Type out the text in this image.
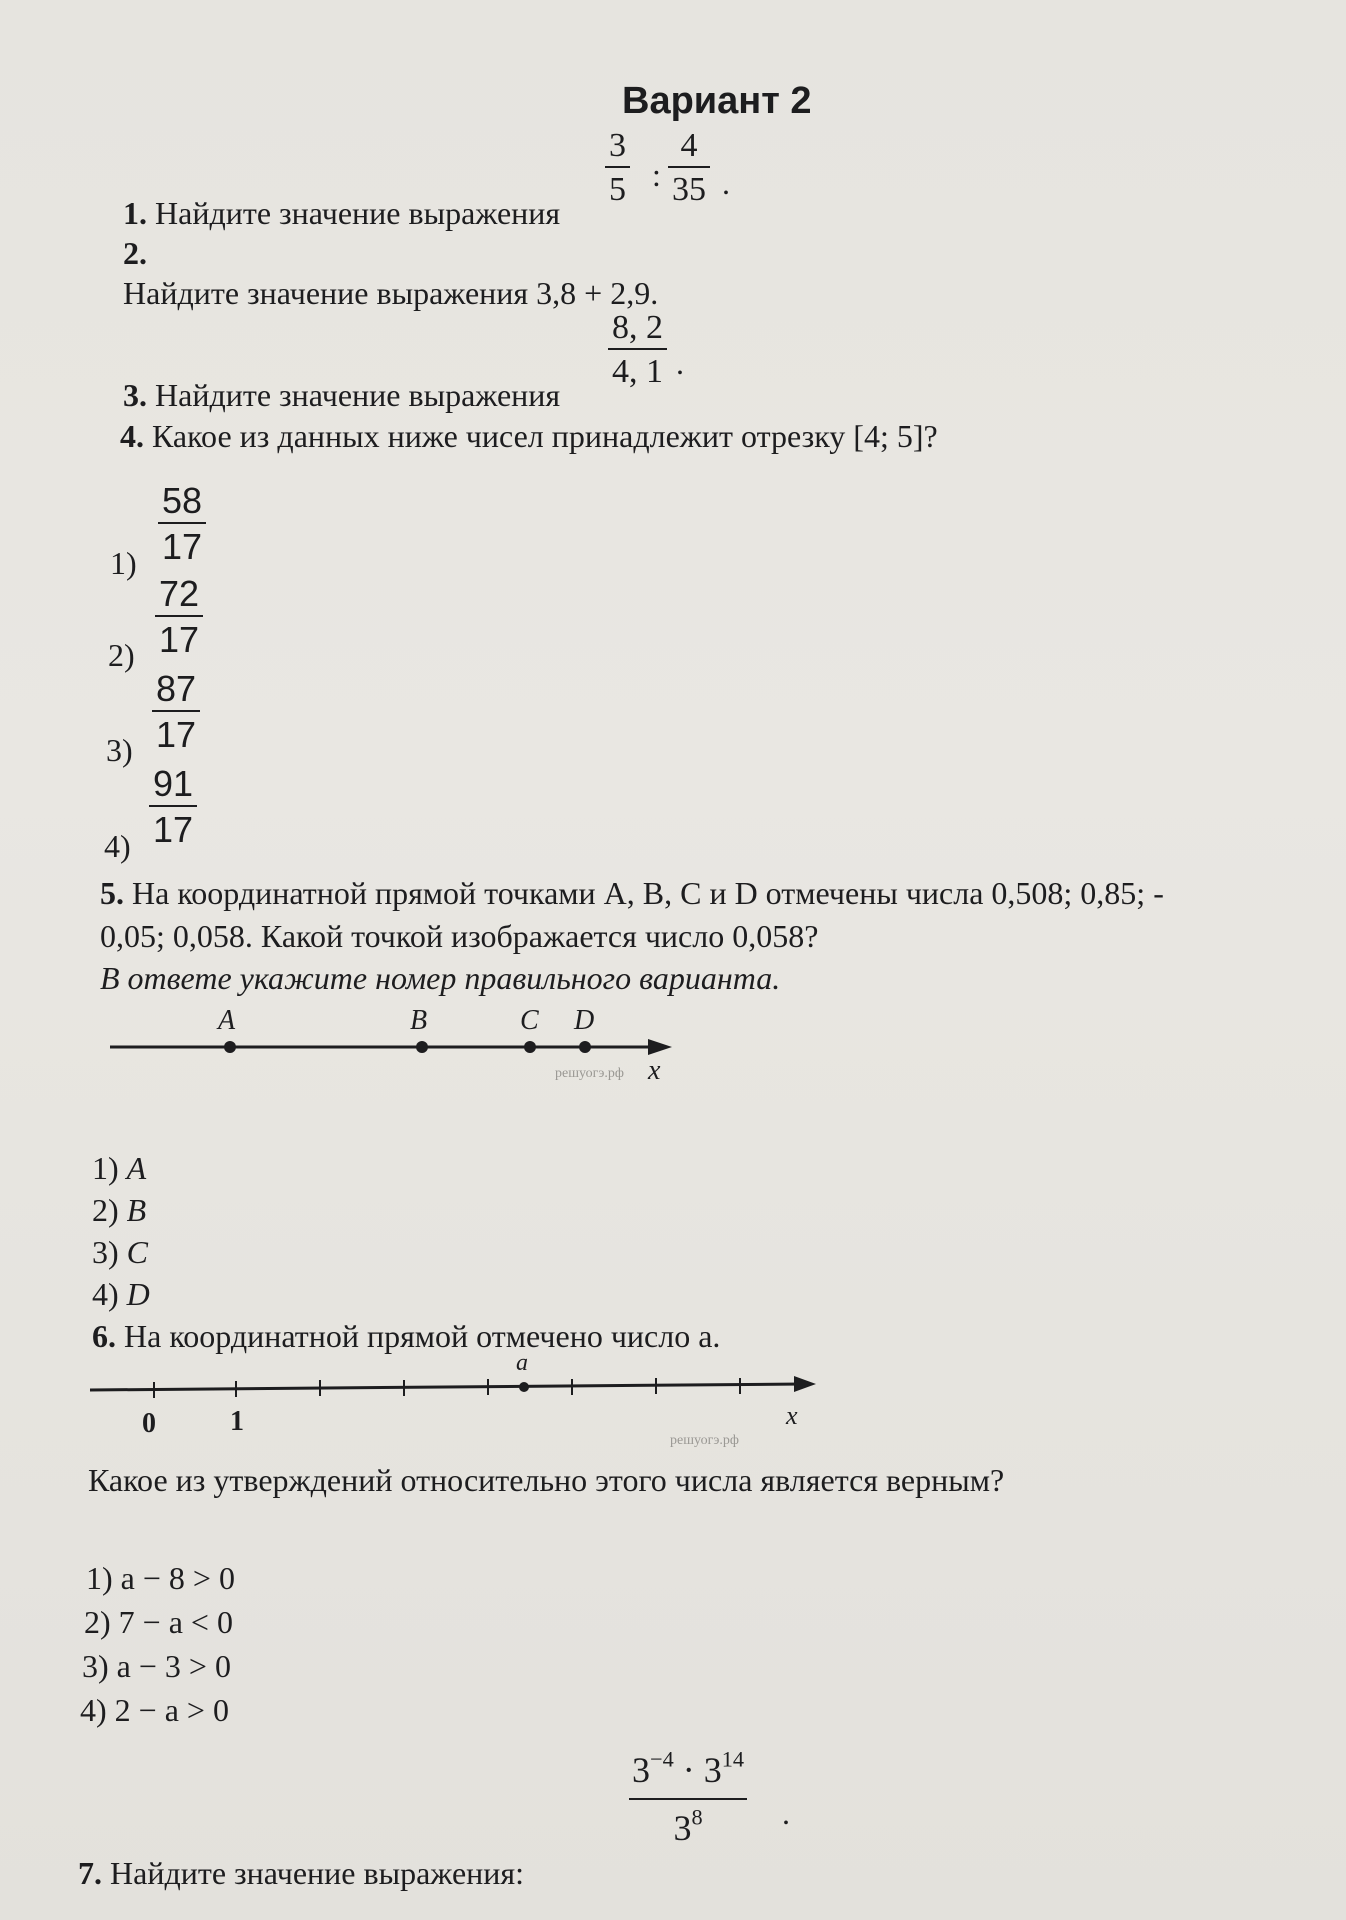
Вариант 2
1. Найдите значение выражения
$\frac{3}{5}$ : $\frac{4}{35}$ .
2.
Найдите значение выражения 3,8 + 2,9.
3. Найдите значение выражения
$\frac{8, 2}{4, 1}$ .
4. Какое из данных ниже чисел принадлежит отрезку [4; 5]?
$1) \frac{58}{17}$
$2) \frac{72}{17}$
$3) \frac{87}{17}$
$4) \frac{91}{17}$
5. На координатной прямой точками A, B, C и D отмечены числа 0,508; 0,85; -
0,05; 0,058. Какой точкой изображается число 0,058?
В ответе укажите номер правильного варианта.
A	B	C D
x
решуогэ.рф
1) A
2) B
3) C
4) D
6. На координатной прямой отмечено число a.
a
0	1	x
решуогэ.рф
Какое из утверждений относительно этого числа является верным?
1) a − 8 > 0
2) 7 − a < 0
3) a − 3 > 0
4) 2 − a > 0
$\frac{3^{-4} \cdot 3^{14}}{3^8}$ .
7. Найдите значение выражения:
